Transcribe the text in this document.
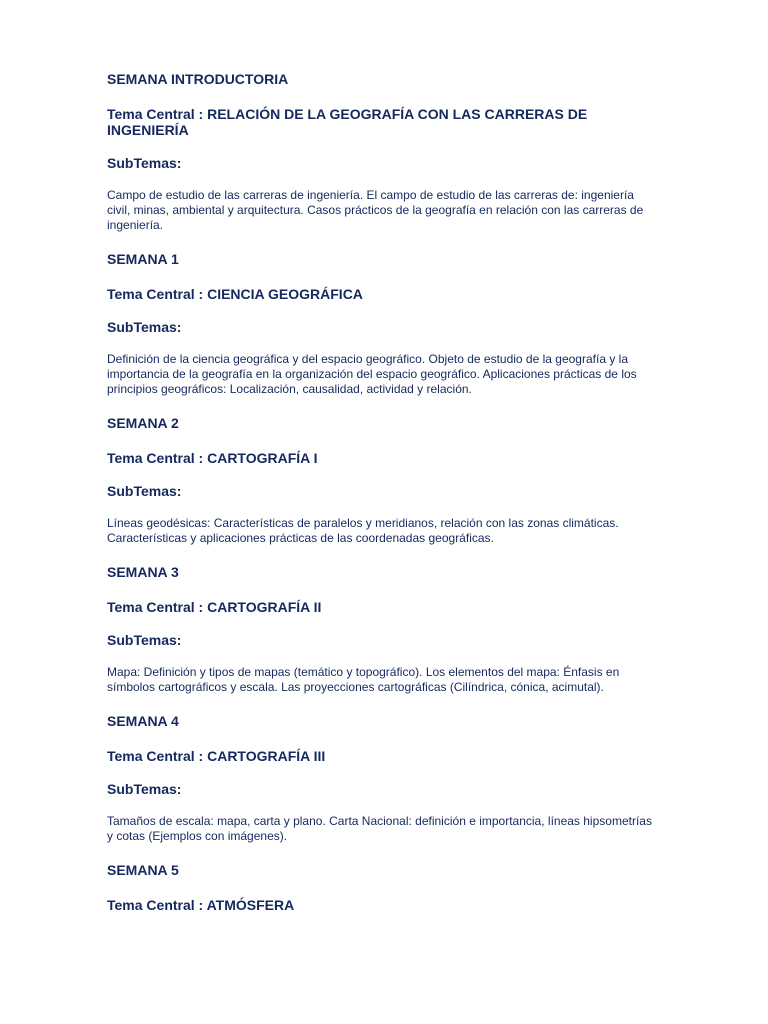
SEMANA INTRODUCTORIA

Tema Central : RELACIÓN DE LA GEOGRAFÍA CON LAS CARRERAS DE INGENIERÍA

SubTemas:

Campo de estudio de las carreras de ingeniería. El campo de estudio de las carreras de: ingeniería civil, minas, ambiental y arquitectura. Casos prácticos de la geografía en relación con las carreras de ingeniería.

SEMANA 1

Tema Central : CIENCIA GEOGRÁFICA

SubTemas:

Definición de la ciencia geográfica y del espacio geográfico. Objeto de estudio de la geografía y la importancia de la geografía en la organización del espacio geográfico. Aplicaciones prácticas de los principios geográficos: Localización, causalidad, actividad y relación.

SEMANA 2

Tema Central : CARTOGRAFÍA I

SubTemas:

Líneas geodésicas: Características de paralelos y meridianos, relación con las zonas climáticas. Características y aplicaciones prácticas de las coordenadas geográficas.

SEMANA 3

Tema Central : CARTOGRAFÍA II

SubTemas:

Mapa: Definición y tipos de mapas (temático y topográfico). Los elementos del mapa: Énfasis en símbolos cartográficos y escala. Las proyecciones cartográficas (Cilíndrica, cónica, acimutal).

SEMANA 4

Tema Central : CARTOGRAFÍA III

SubTemas:

Tamaños de escala: mapa, carta y plano. Carta Nacional: definición e importancia, líneas hipsometrías y cotas (Ejemplos con imágenes).

SEMANA 5

Tema Central : ATMÓSFERA
